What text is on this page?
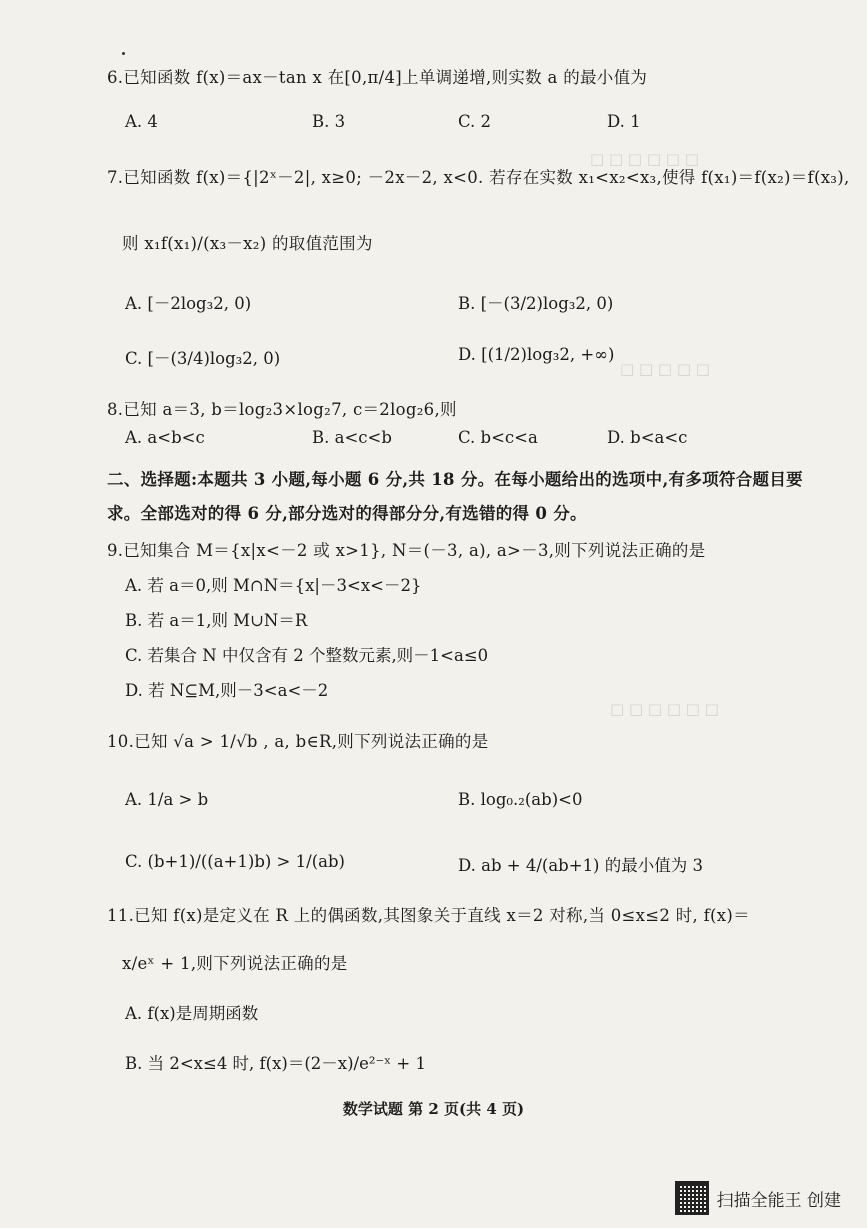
□ □ □ □ □ □
□ □ □ □ □
□ □ □ □ □ □
6.已知函数 f(x)＝ax－tan x 在[0,π/4]上单调递增,则实数 a 的最小值为
A. 4	B. 3	C. 2	D. 1
7.已知函数 f(x)＝{|2ˣ－2|, x≥0; －2x－2, x<0. 若存在实数 x₁<x₂<x₃,使得 f(x₁)＝f(x₂)＝f(x₃),
则 x₁f(x₁)/(x₃－x₂) 的取值范围为
A. [－2log₃2, 0)	B. [－(3/2)log₃2, 0)
C. [－(3/4)log₃2, 0)	D. [(1/2)log₃2, +∞)
8.已知 a＝3, b＝log₂3×log₂7, c＝2log₂6,则
A. a<b<c	B. a<c<b	C. b<c<a	D. b<a<c
二、选择题:本题共 3 小题,每小题 6 分,共 18 分。在每小题给出的选项中,有多项符合题目要
求。全部选对的得 6 分,部分选对的得部分分,有选错的得 0 分。
9.已知集合 M＝{x|x<－2 或 x>1}, N＝(－3, a), a>－3,则下列说法正确的是
A. 若 a＝0,则 M∩N＝{x|－3<x<－2}
B. 若 a＝1,则 M∪N＝R
C. 若集合 N 中仅含有 2 个整数元素,则－1<a≤0
D. 若 N⊆M,则－3<a<－2
10.已知 √a > 1/√b , a, b∈R,则下列说法正确的是
A. 1/a > b	B. log₀.₂(ab)<0
C. (b+1)/((a+1)b) > 1/(ab)	D. ab + 4/(ab+1) 的最小值为 3
11.已知 f(x)是定义在 R 上的偶函数,其图象关于直线 x＝2 对称,当 0≤x≤2 时, f(x)＝
x/eˣ + 1,则下列说法正确的是
A. f(x)是周期函数
B. 当 2<x≤4 时, f(x)＝(2－x)/e²⁻ˣ + 1
数学试题 第 2 页(共 4 页)
扫描全能王 创建
